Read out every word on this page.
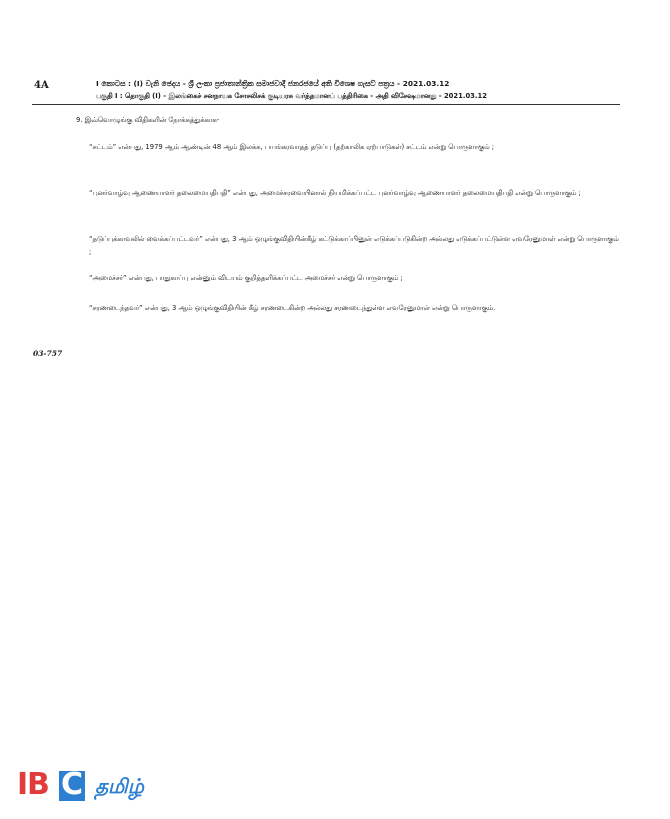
4A	I කොටස : (I) වැනි ඡෙදය - ශ්‍රී ලංකා ප්‍රජාතාන්ත්‍රික සමාජවාදී ජනරජයේ අති විශෙෂ ගැසට් පත්‍රය - 2021.03.12
பகுதி I : தொகுதி (I) - இலங்கைச் சனநாயக சோசலிசக் குடியரசு வர்த்தமானப் பத்திரிகை - அதி விசேஷமானது - 2021.03.12
9. இவ்வொழுங்கு விதிகளின் நோக்கத்துக்காக-
“சட்டம்” என்பது, 1979 ஆம் ஆண்டின் 48 ஆம் இலக்க, பயங்கரவாதத் தடுப்பு (தற்காலிக ஏற்பாடுகள்) சட்டம் என்று பொருளாகும் ;
“புனர்வாழ்வு ஆணையாளர் தலைமையதிபதி” என்பது, அமைச்சரவையினால் நியமிக்கப்பட்ட புனர்வாழ்வு ஆணையாளர் தலைமையதிபதி என்று பொருளாகும் ;
“தடுப்புக்காவலில் வைக்கப்பட்டவர்” என்பது, 3 ஆம் ஒழுங்குவிதியின்கீழ் கட்டுக்காப்பினுள் எடுக்கப்படுகின்ற அல்லது எடுக்கப்பட்டுள்ள எவரேனுமாள் என்று பொருளாகும் ;
“அமைச்சர்” என்பது, பாதுகாப்பு என்னும் விடயம் குறித்தளிக்கப்பட்ட அமைச்சர் என்று பொருளாகும் ;
“சரணடைந்தவர்” என்பது, 3 ஆம் ஒழுங்குவிதியின் கீழ் சரணடைகின்ற அல்லது சரணடைந்துள்ள எவரேனுமாள் என்று பொருளாகும்.
03-757
I
B C தமிழ்
